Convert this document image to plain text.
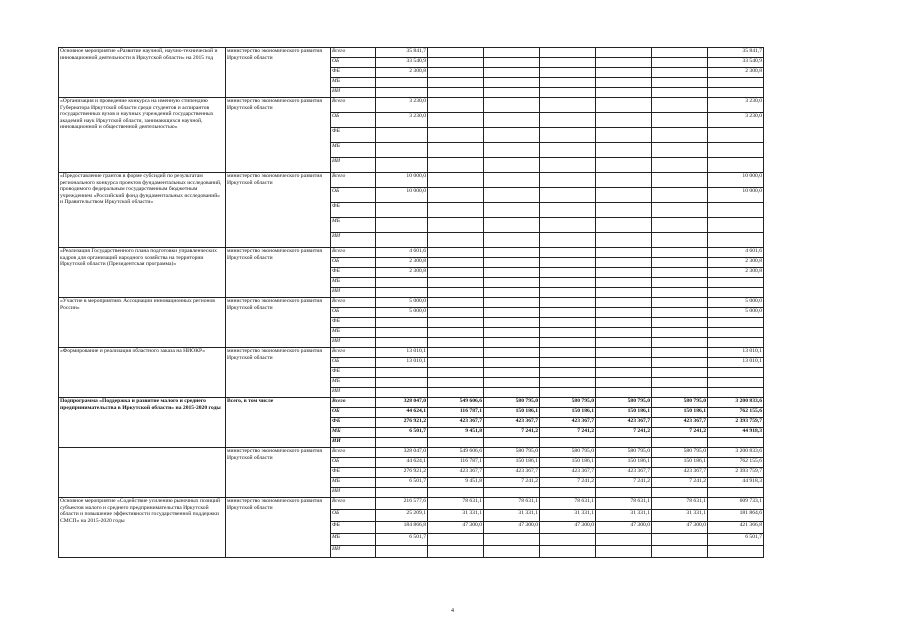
Основное мероприятие «Развитие научной, научно-технической и инновационной деятельности в Иркутской области» на 2015 год	министерство экономического развития Иркутской области	Всего	35 841,7						35 841,7
		ОБ	33 540,9						33 540,9
		ФБ	2 300,8						2 300,8
		МБ							
		ИИ							
«Организация и проведение конкурса на именную стипендию Губернатора Иркутской области среди студентов и аспирантов государственных вузов и научных учреждений государственных академий наук Иркутской области, занимающихся научной, инновационной и общественной деятельностью»	министерство экономического развития Иркутской области	Всего	3 230,0						3 230,0
		ОБ	3 230,0						3 230,0
		ФБ							
		МБ							
		ИИ							
«Предоставление грантов в форме субсидий по результатам регионального конкурса проектов фундаментальных исследований, проводимого федеральным государственным бюджетным учреждением «Российский фонд фундаментальных исследований» и Правительством Иркутской области»	министерство экономического развития Иркутской области	Всего	10 000,0						10 000,0
		ОБ	10 000,0						10 000,0
		ФБ							
		МБ							
		ИИ							
«Реализация Государственного плана подготовки управленческих кадров для организаций народного хозяйства на территории Иркутской области (Президентская программа)»	министерство экономического развития Иркутской области	Всего	4 601,6						4 601,6
		ОБ	2 300,8						2 300,8
		ФБ	2 300,8						2 300,8
		МБ							
		ИИ							
«Участие в мероприятиях Ассоциации инновационных регионов России»	министерство экономического развития Иркутской области	Всего	5 000,0						5 000,0
		ОБ	5 000,0						5 000,0
		ФБ							
		МБ							
		ИИ							
«Формирование и реализация областного заказа на НИОКР»	министерство экономического развития Иркутской области	Всего	13 010,1						13 010,1
		ОБ	13 010,1						13 010,1
		ФБ							
		МБ							
		ИИ							
Подпрограмма «Поддержка и развитие малого и среднего предпринимательства в Иркутской области» на 2015-2020 годы	Всего, в том числе	Всего	328 047,0	549 606,6	580 795,0	580 795,0	580 795,0	580 795,0	3 200 833,6
		ОБ	44 624,1	116 787,1	150 186,1	150 186,1	150 186,1	150 186,1	762 155,6
		ФБ	276 921,2	423 367,7	423 367,7	423 367,7	423 367,7	423 367,7	2 393 759,7
		МБ	6 501,7	9 451,8	7 241,2	7 241,2	7 241,2	7 241,2	44 918,3
		ИИ							
	министерство экономического развития Иркутской области	Всего	328 047,0	549 606,6	580 795,0	580 795,0	580 795,0	580 795,0	3 200 833,6
		ОБ	44 624,1	116 787,1	150 186,1	150 186,1	150 186,1	150 186,1	762 155,6
		ФБ	276 921,2	423 367,7	423 367,7	423 367,7	423 367,7	423 367,7	2 393 759,7
		МБ	6 501,7	9 451,8	7 241,2	7 241,2	7 241,2	7 241,2	44 918,3
		ИИ							
Основное мероприятие «Содействие усилению рыночных позиций субъектов малого и среднего предпринимательства Иркутской области и повышение эффективности государственной поддержки СМСП» на 2015-2020 годы	министерство экономического развития Иркутской области	Всего	216 577,6	78 631,1	78 631,1	78 631,1	78 631,1	78 631,1	609 733,1
		ОБ	25 209,1	31 331,1	31 331,1	31 331,1	31 331,1	31 331,1	181 864,6
		ФБ	184 866,8	47 300,0	47 300,0	47 300,0	47 300,0	47 300,0	421 366,8
		МБ	6 501,7						6 501,7
		ИИ							
4
